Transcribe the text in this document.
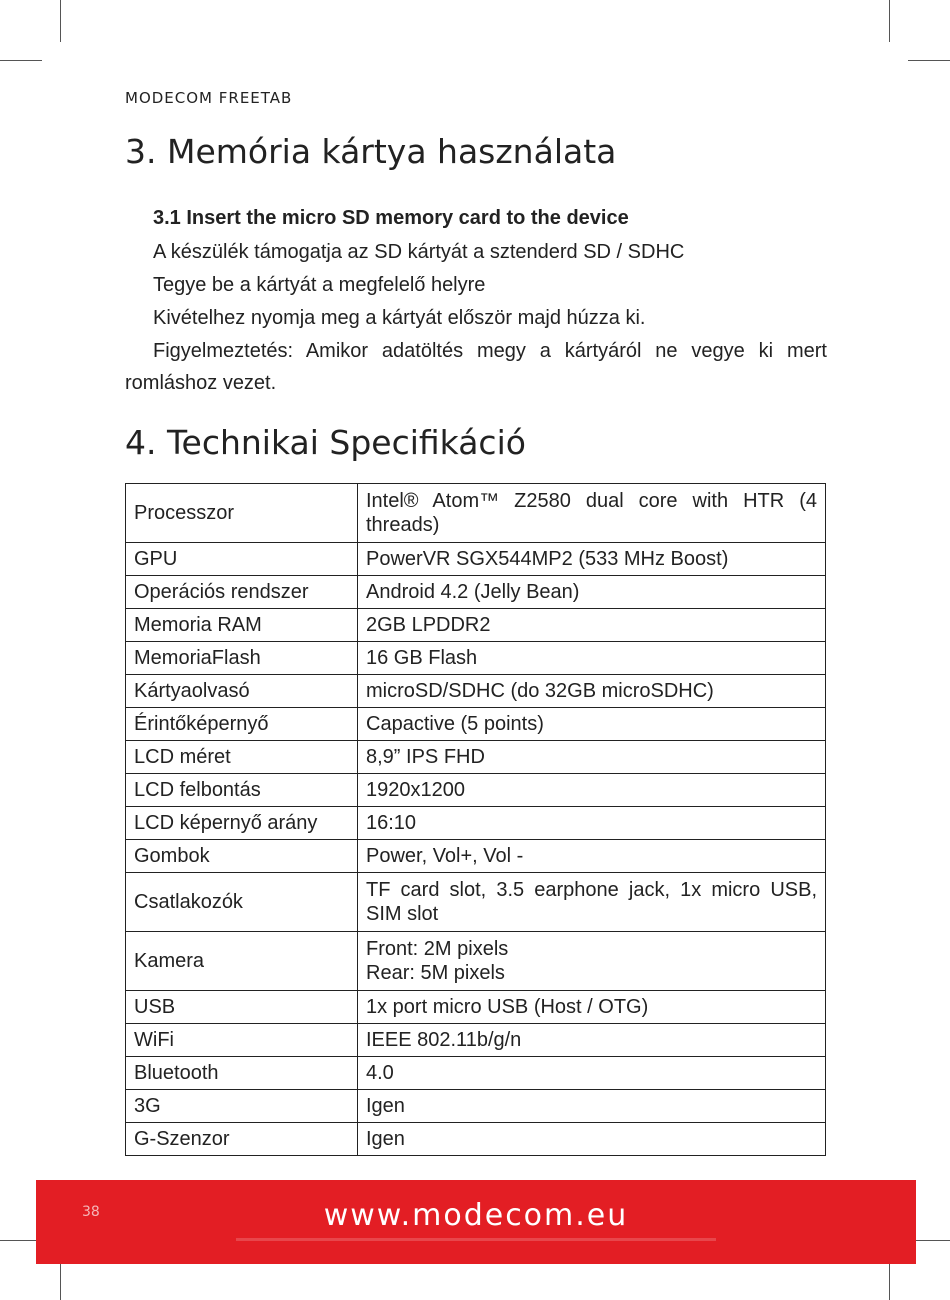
MODECOM FREETAB
3. Memória kártya használata
3.1 Insert the micro SD memory card to the device

A készülék támogatja az SD kártyát a sztenderd SD / SDHC

Tegye be a kártyát a megfelelő helyre

Kivételhez nyomja meg a kártyát először majd húzza ki.

Figyelmeztetés: Amikor adatöltés megy a kártyáról ne vegye ki mert romláshoz vezet.

4. Technikai Specifikáció
Processzor	Intel® Atom™ Z2580 dual core with HTR (4 threads)
GPU	PowerVR SGX544MP2 (533 MHz Boost)
Operációs rendszer	Android 4.2 (Jelly Bean)
Memoria RAM	2GB LPDDR2
MemoriaFlash	16 GB Flash
Kártyaolvasó	microSD/SDHC (do 32GB microSDHC)
Érintőképernyő	Capactive (5 points)
LCD méret	8,9” IPS FHD
LCD felbontás	1920x1200
LCD képernyő arány	16:10
Gombok	Power, Vol+, Vol -
Csatlakozók	TF card slot, 3.5 earphone jack, 1x micro USB, SIM slot
Kamera	Front: 2M pixels
Rear: 5M pixels

USB	1x port micro USB (Host / OTG)
WiFi	IEEE 802.11b/g/n
Bluetooth	4.0
3G	Igen
G-Szenzor	Igen
38	www.modecom.eu
